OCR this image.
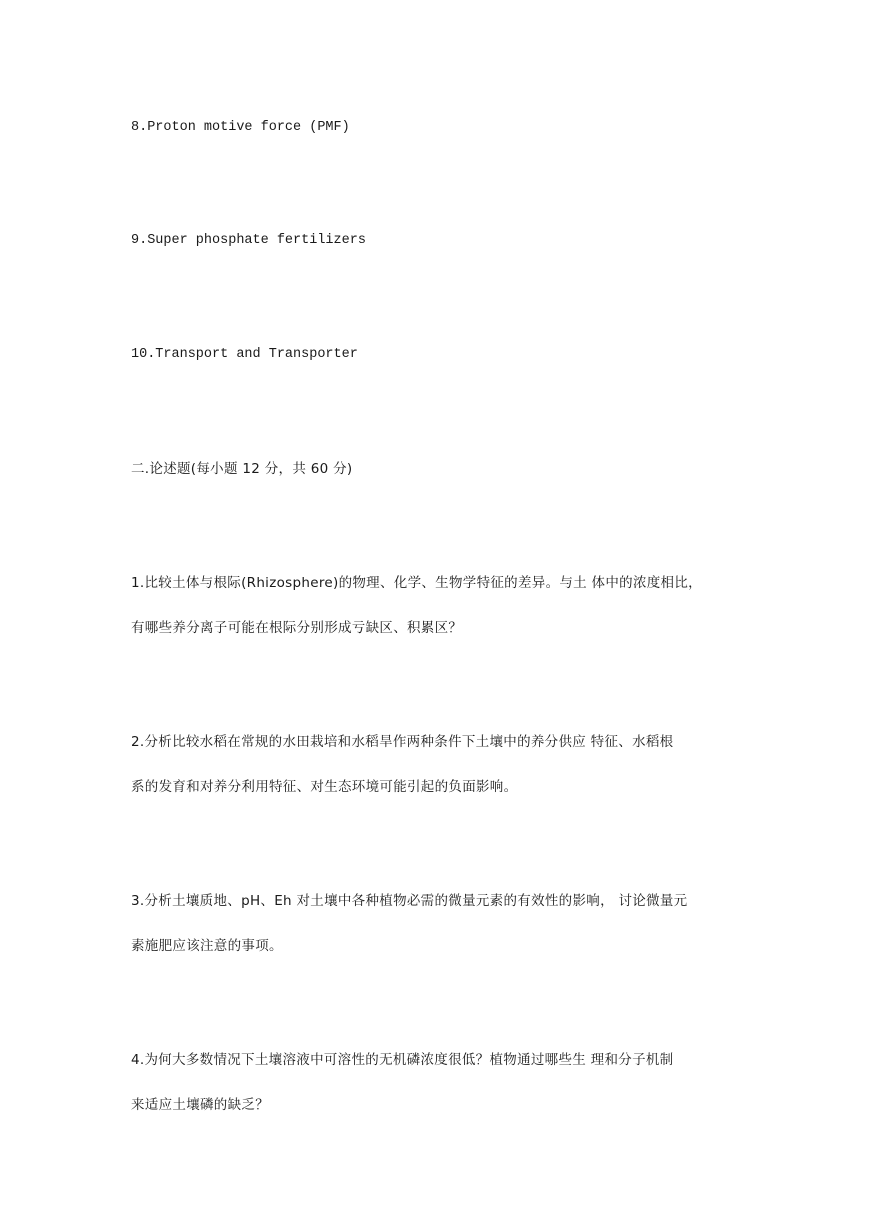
8.Proton motive force (PMF)
9.Super phosphate fertilizers
10.Transport and Transporter
二.论述题(每小题 12 分，共 60 分)
1.比较土体与根际(Rhizosphere)的物理、化学、生物学特征的差异。与土 体中的浓度相比，
有哪些养分离子可能在根际分别形成亏缺区、积累区？
2.分析比较水稻在常规的水田栽培和水稻旱作两种条件下土壤中的养分供应 特征、水稻根
系的发育和对养分利用特征、对生态环境可能引起的负面影响。
3.分析土壤质地、pH、Eh 对土壤中各种植物必需的微量元素的有效性的影响， 讨论微量元
素施肥应该注意的事项。
4.为何大多数情况下土壤溶液中可溶性的无机磷浓度很低？植物通过哪些生 理和分子机制
来适应土壤磷的缺乏？
